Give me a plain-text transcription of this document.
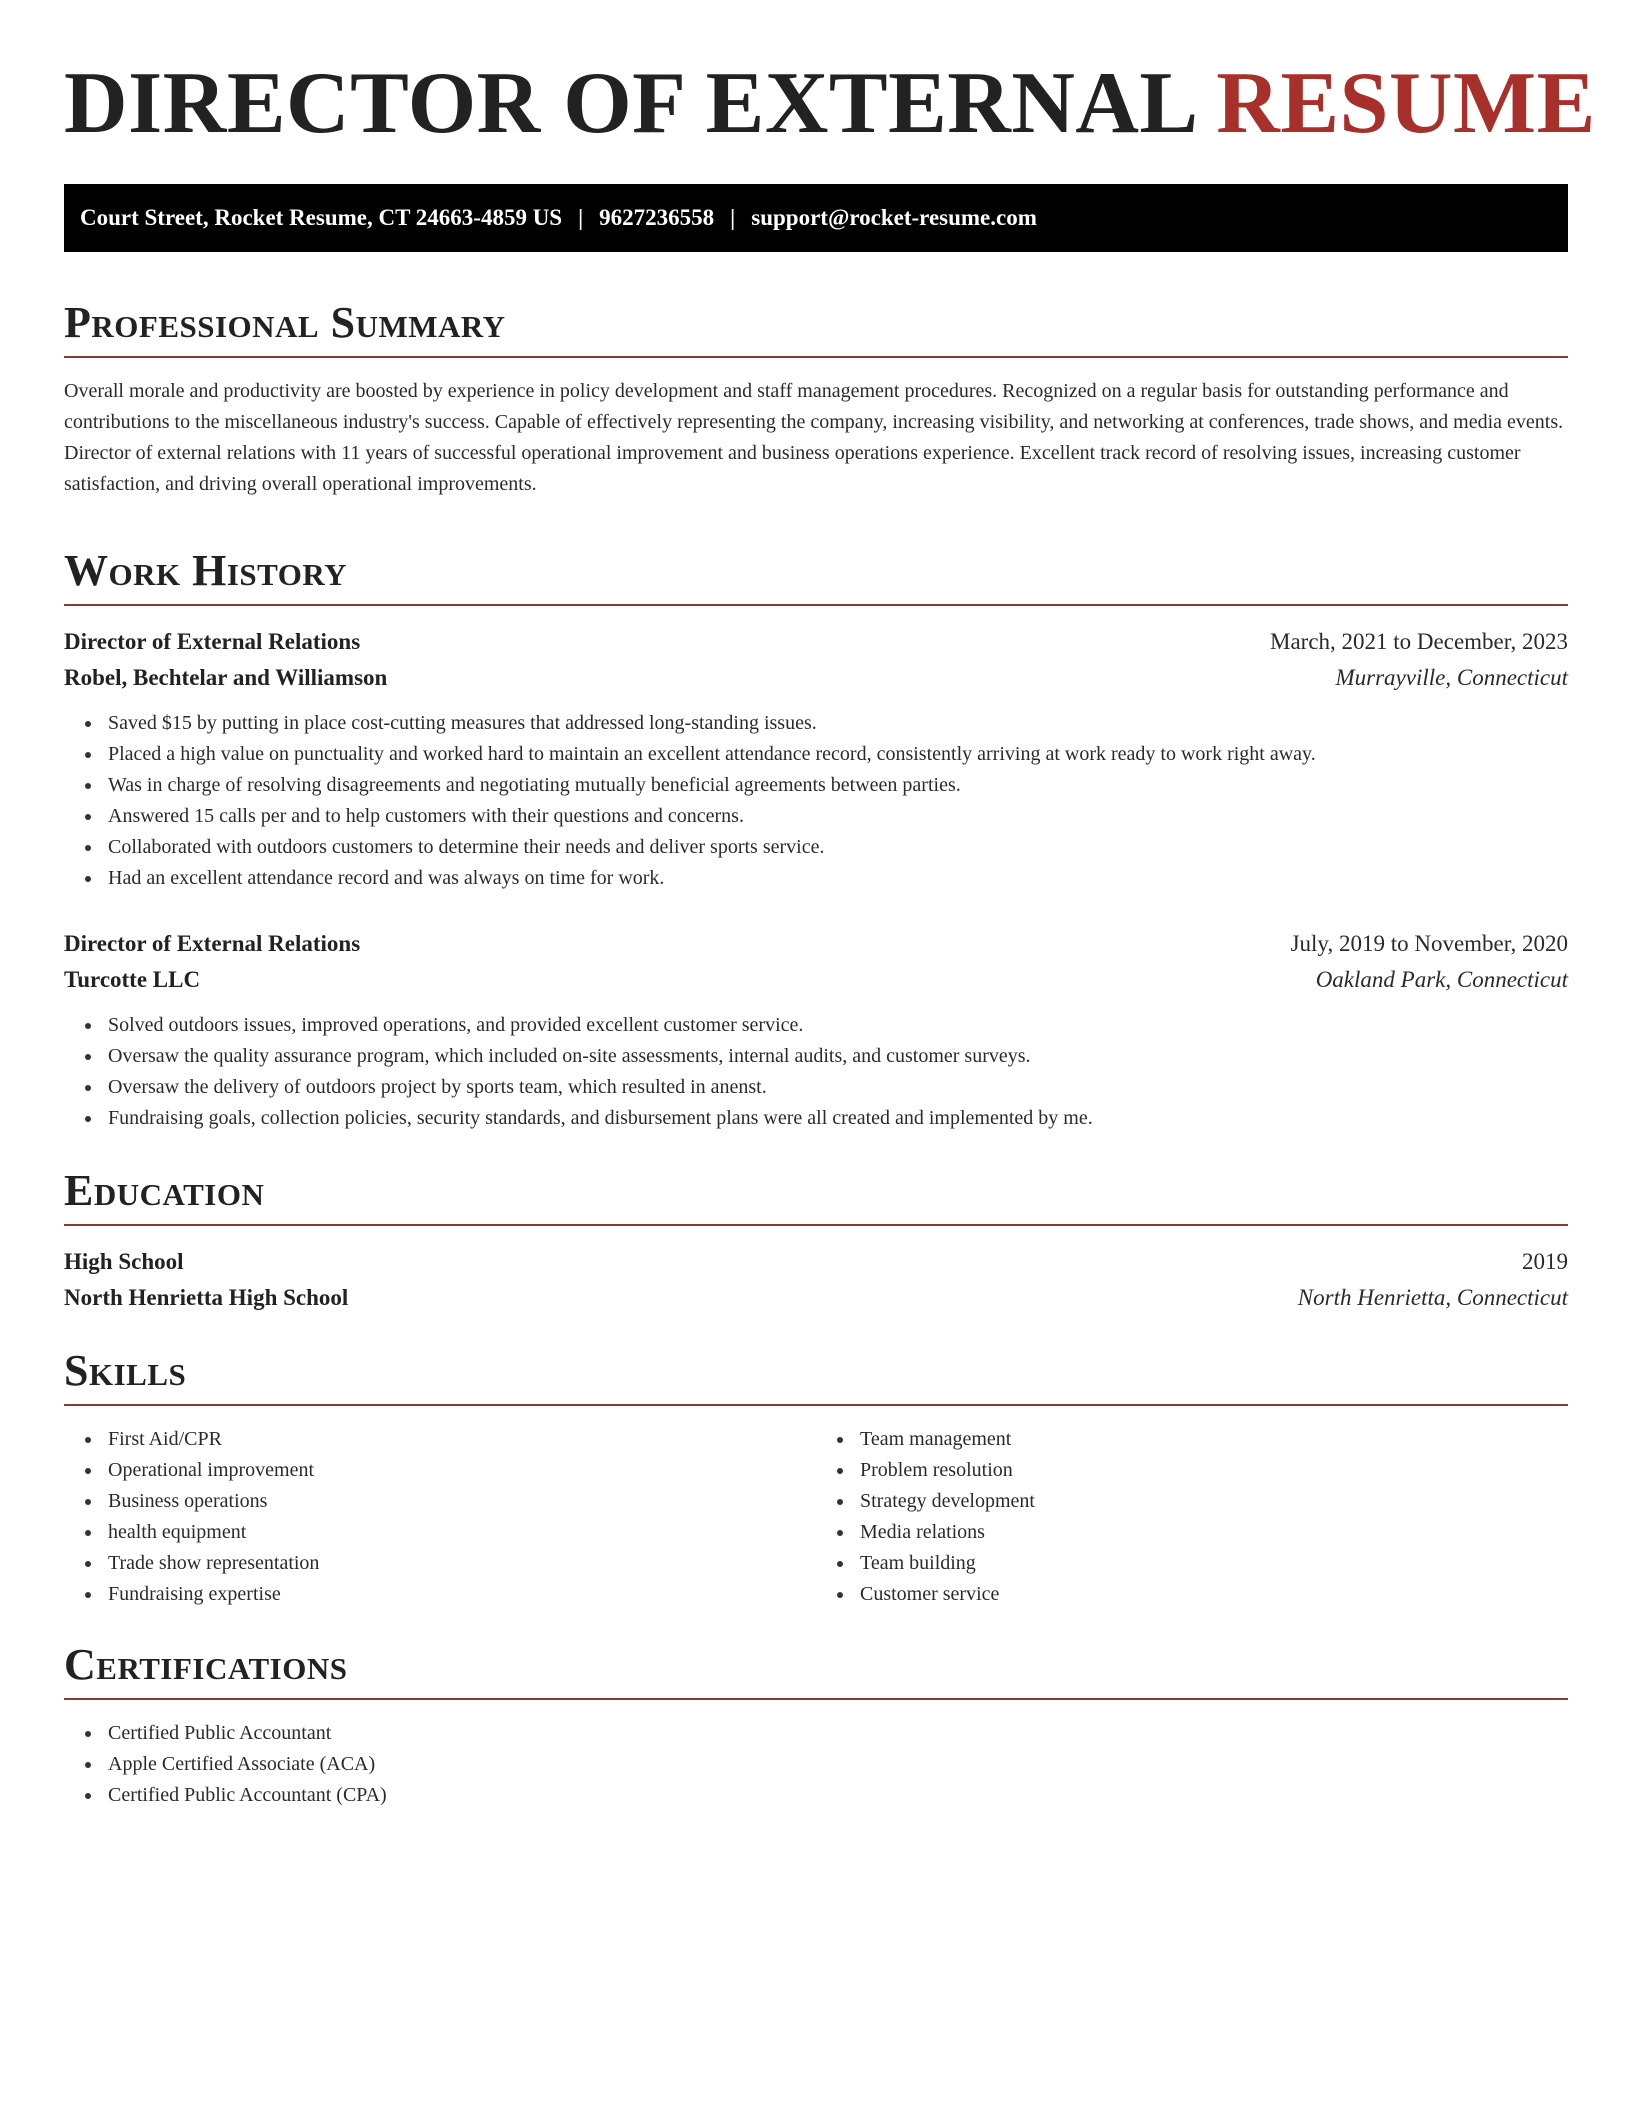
DIRECTOR OF EXTERNAL RESUME
Court Street, Rocket Resume, CT 24663-4859 US | 9627236558 | support@rocket-resume.com
Professional Summary

Overall morale and productivity are boosted by experience in policy development and staff management procedures. Recognized on a regular basis for outstanding performance and contributions to the miscellaneous industry's success. Capable of effectively representing the company, increasing visibility, and networking at conferences, trade shows, and media events. Director of external relations with 11 years of successful operational improvement and business operations experience. Excellent track record of resolving issues, increasing customer satisfaction, and driving overall operational improvements.

Work History
Director of External Relations	March, 2021 to December, 2023
Robel, Bechtelar and Williamson	Murrayville, Connecticut
Saved $15 by putting in place cost-cutting measures that addressed long-standing issues.
Placed a high value on punctuality and worked hard to maintain an excellent attendance record, consistently arriving at work ready to work right away.
Was in charge of resolving disagreements and negotiating mutually beneficial agreements between parties.
Answered 15 calls per and to help customers with their questions and concerns.
Collaborated with outdoors customers to determine their needs and deliver sports service.
Had an excellent attendance record and was always on time for work.
Director of External Relations	July, 2019 to November, 2020
Turcotte LLC	Oakland Park, Connecticut
Solved outdoors issues, improved operations, and provided excellent customer service.
Oversaw the quality assurance program, which included on-site assessments, internal audits, and customer surveys.
Oversaw the delivery of outdoors project by sports team, which resulted in anenst.
Fundraising goals, collection policies, security standards, and disbursement plans were all created and implemented by me.
Education
High School	2019
North Henrietta High School	North Henrietta, Connecticut
Skills
First Aid/CPR
Operational improvement
Business operations
health equipment
Trade show representation
Fundraising expertise
Team management
Problem resolution
Strategy development
Media relations
Team building
Customer service
Certifications
Certified Public Accountant
Apple Certified Associate (ACA)
Certified Public Accountant (CPA)
